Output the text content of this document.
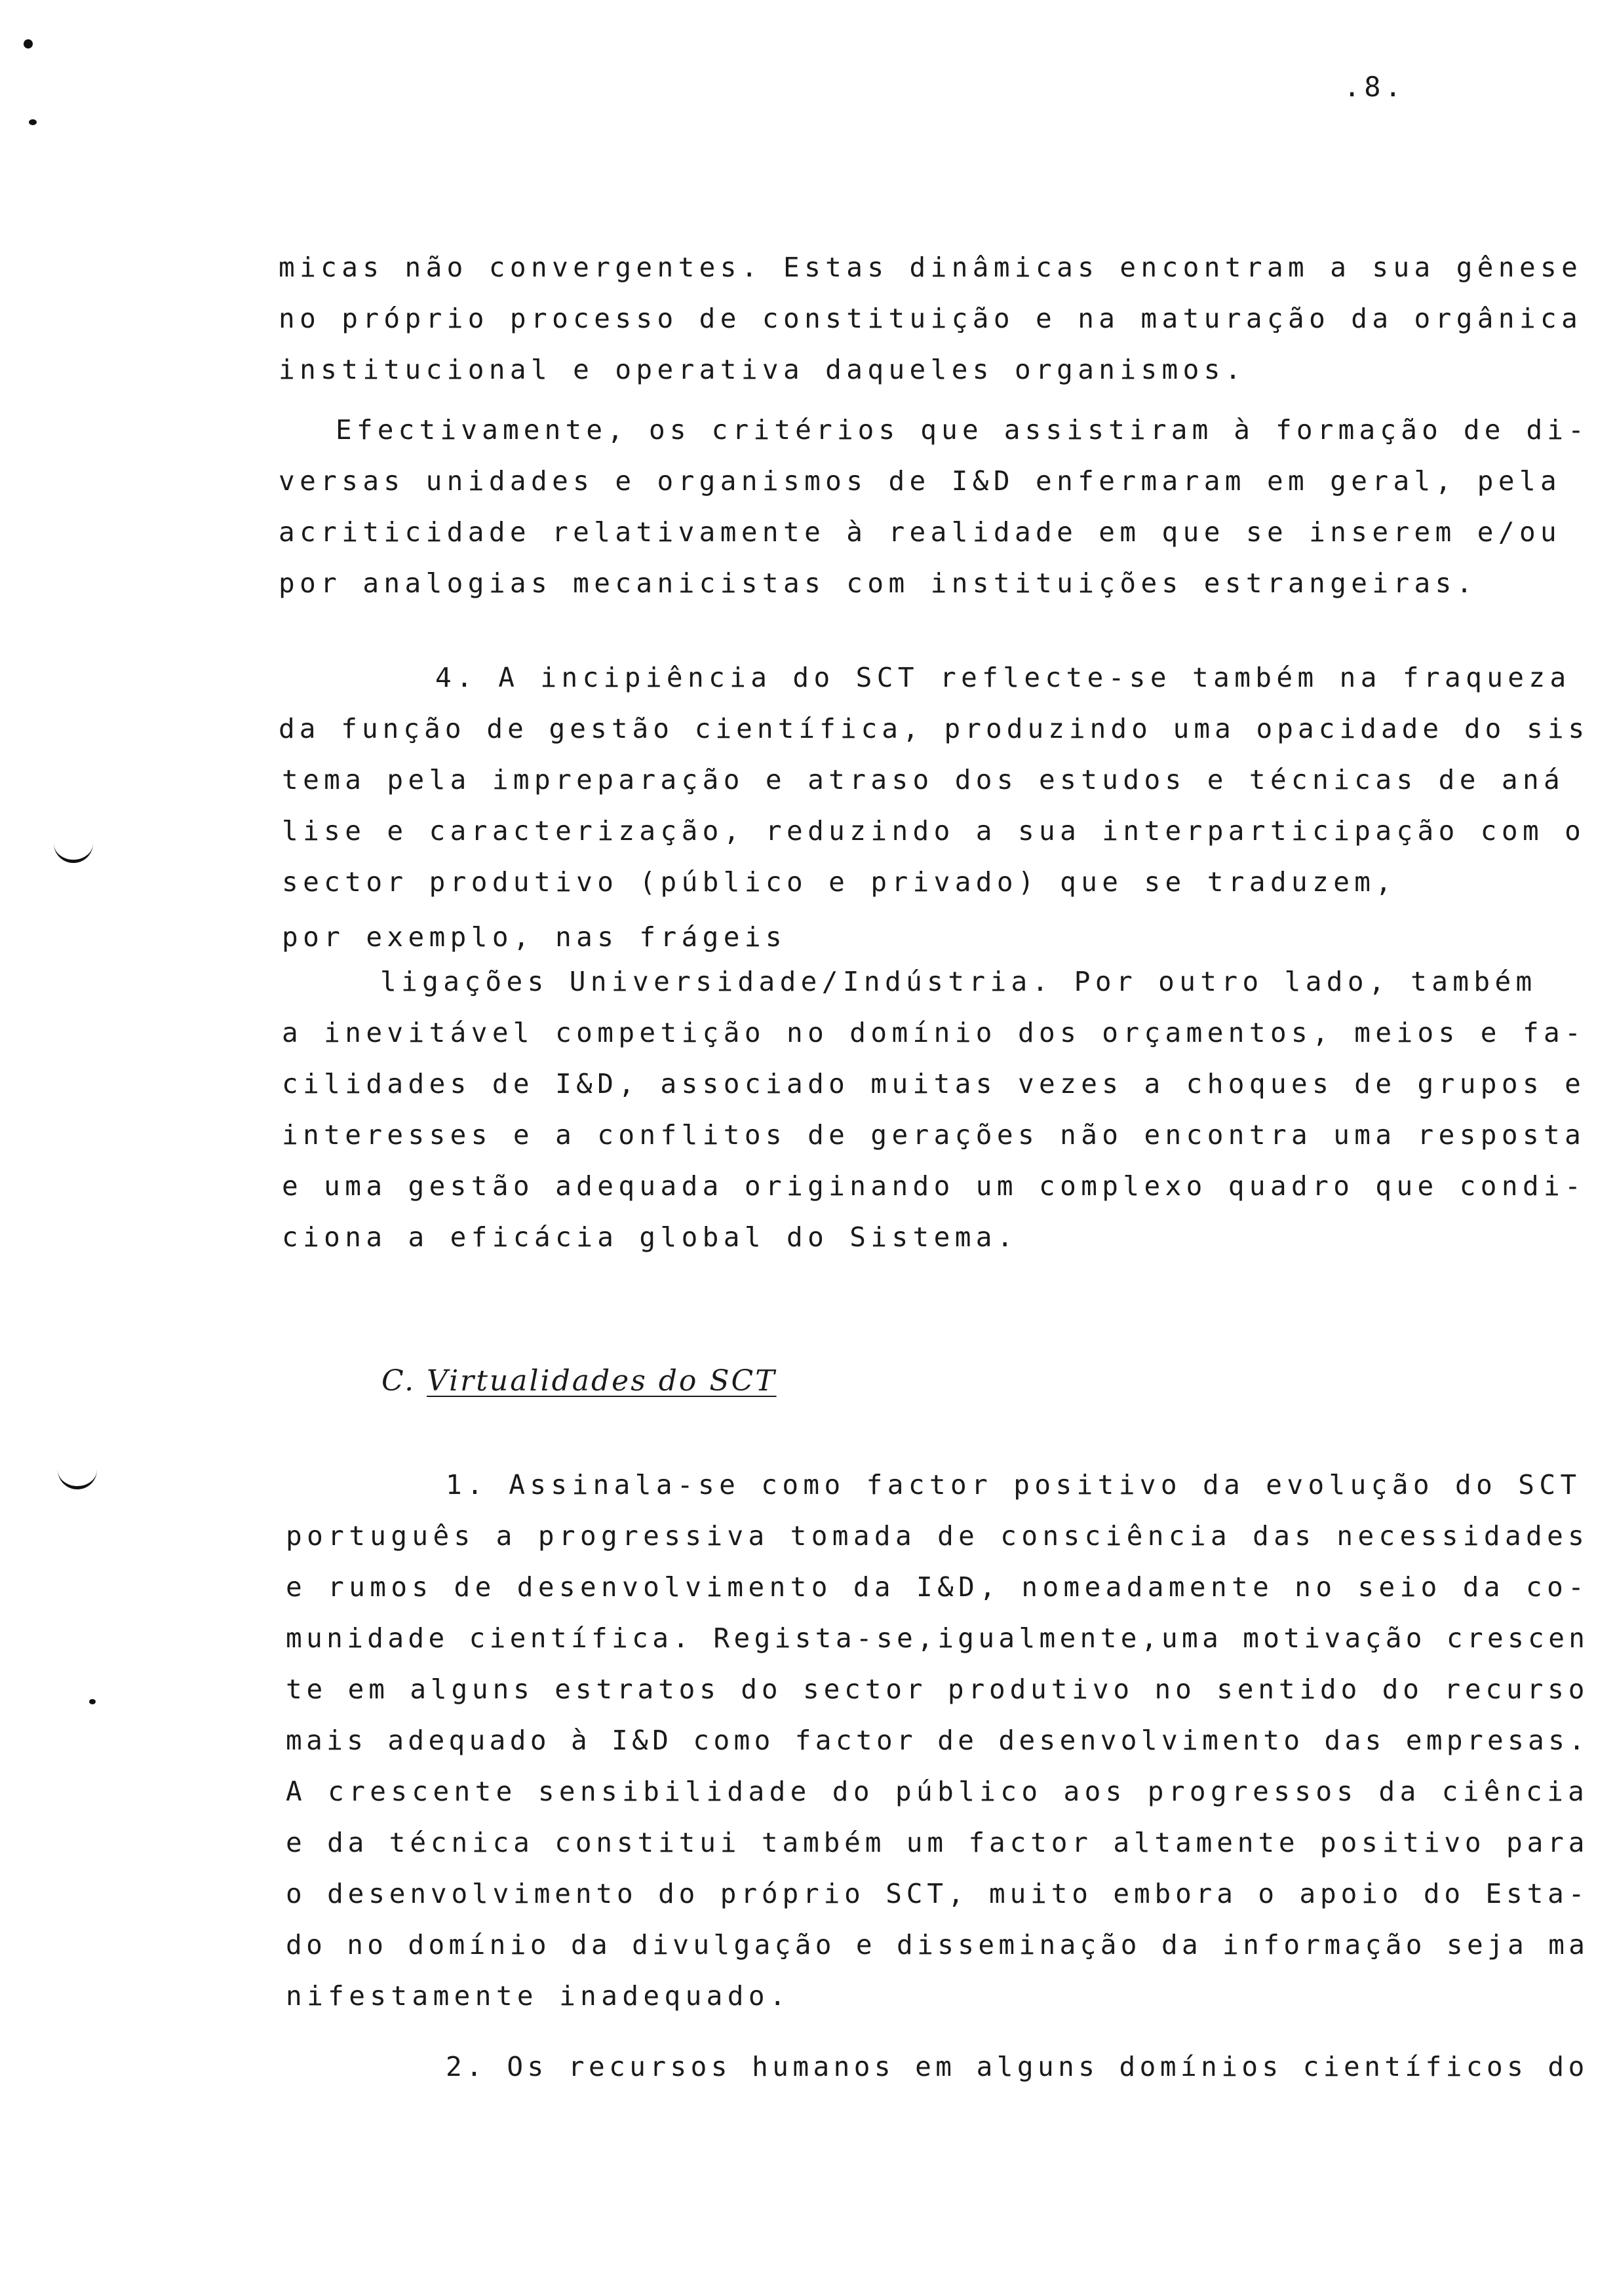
.8.
micas não convergentes. Estas dinâmicas encontram a sua gênese
no próprio processo de constituição e na maturação da orgânica
institucional e operativa daqueles organismos.
Efectivamente, os critérios que assistiram à formação de di-
versas unidades e organismos de I&D enfermaram em geral, pela
acriticidade relativamente à realidade em que se inserem e/ou
por analogias mecanicistas com instituições estrangeiras.
4. A incipiência do SCT reflecte-se também na fraqueza
da função de gestão científica, produzindo uma opacidade do sis
tema pela impreparação e atraso dos estudos e técnicas de aná
lise e caracterização, reduzindo a sua interparticipação com o
sector produtivo (público e privado) que se traduzem,
por exemplo, nas frágeis
ligações Universidade/Indústria. Por outro lado, também
a inevitável competição no domínio dos orçamentos, meios e fa-
cilidades de I&D, associado muitas vezes a choques de grupos e
interesses e a conflitos de gerações não encontra uma resposta
e uma gestão adequada originando um complexo quadro que condi-
ciona a eficácia global do Sistema.
C. Virtualidades do SCT
1. Assinala-se como factor positivo da evolução do SCT
português a progressiva tomada de consciência das necessidades
e rumos de desenvolvimento da I&D, nomeadamente no seio da co-
munidade científica. Regista-se,igualmente,uma motivação crescen
te em alguns estratos do sector produtivo no sentido do recurso
mais adequado à I&D como factor de desenvolvimento das empresas.
A crescente sensibilidade do público aos progressos da ciência
e da técnica constitui também um factor altamente positivo para
o desenvolvimento do próprio SCT, muito embora o apoio do Esta-
do no domínio da divulgação e disseminação da informação seja ma
nifestamente inadequado.
2. Os recursos humanos em alguns domínios científicos do
